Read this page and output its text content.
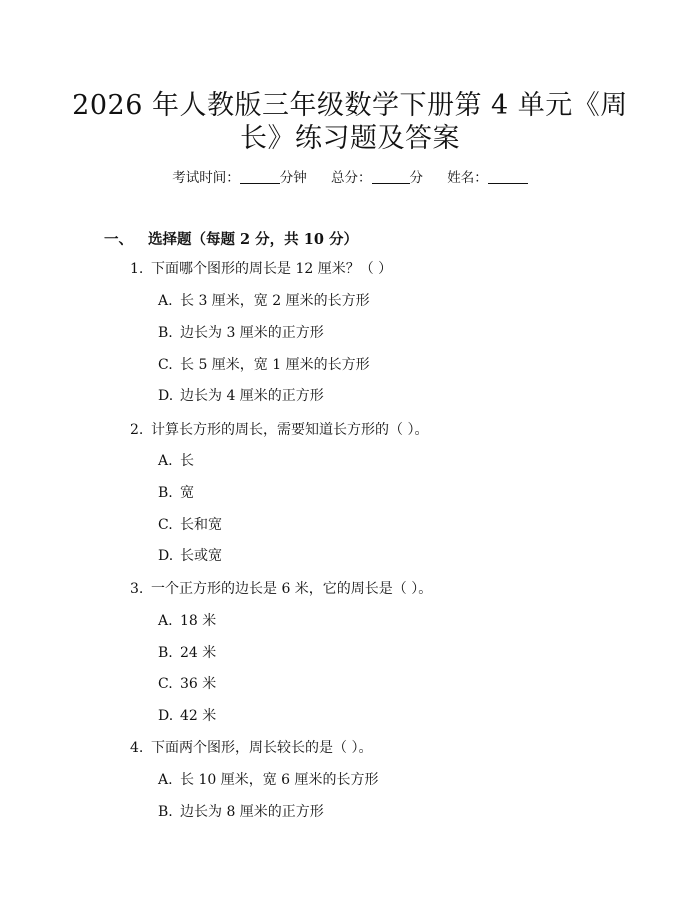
2026 年人教版三年级数学下册第 4 单元《周
长》练习题及答案
考试时间：	分钟 总分：	分 姓名：
一、 选择题（每题 2 分，共 10 分）
1. 下面哪个图形的周长是 12 厘米？（ ）
A. 长 3 厘米，宽 2 厘米的长方形
B. 边长为 3 厘米的正方形
C. 长 5 厘米，宽 1 厘米的长方形
D. 边长为 4 厘米的正方形
2. 计算长方形的周长，需要知道长方形的（ ）。
A. 长
B. 宽
C. 长和宽
D. 长或宽
3. 一个正方形的边长是 6 米，它的周长是（ ）。
A. 18 米
B. 24 米
C. 36 米
D. 42 米
4. 下面两个图形，周长较长的是（ ）。
A. 长 10 厘米，宽 6 厘米的长方形
B. 边长为 8 厘米的正方形
